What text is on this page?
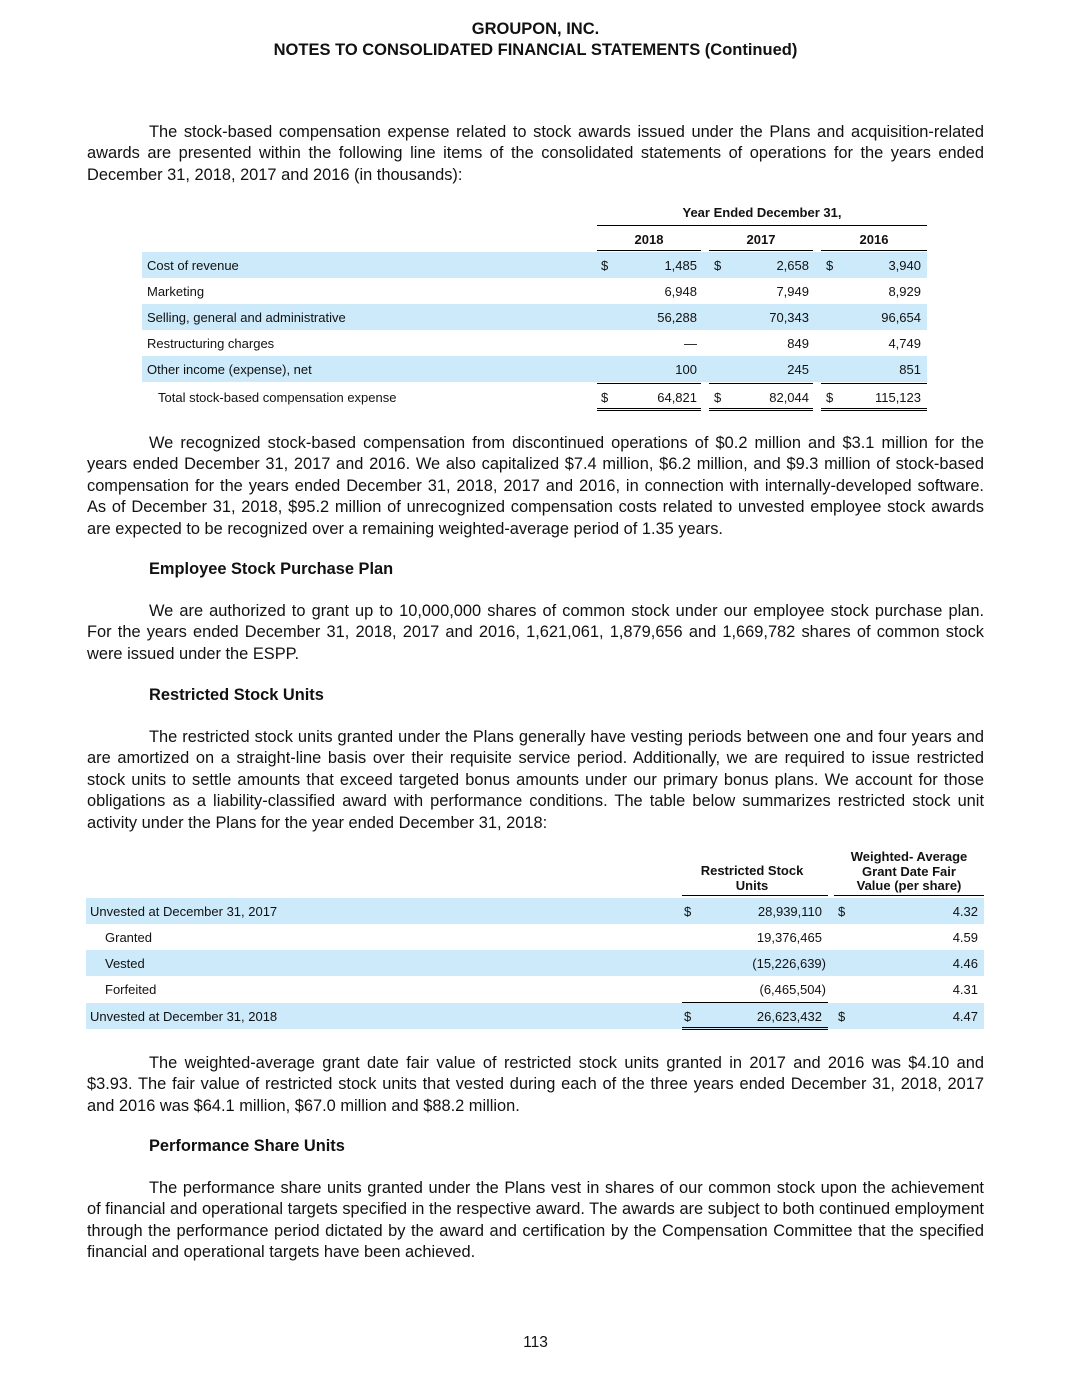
GROUPON, INC.
NOTES TO CONSOLIDATED FINANCIAL STATEMENTS (Continued)

The stock-based compensation expense related to stock awards issued under the Plans and acquisition-related awards are presented within the following line items of the consolidated statements of operations for the years ended December 31, 2018, 2017 and 2016 (in thousands):

Year Ended December 31,
2018	2017	2016
Cost of revenue	$	1,485 $	2,658 $	3,940
Marketing	6,948	7,949	8,929
Selling, general and administrative	56,288	70,343	96,654
Restructuring charges	—	849	4,749
Other income (expense), net	100	245	851
Total stock-based compensation expense	$	64,821 $	82,044 $	115,123

We recognized stock-based compensation from discontinued operations of $0.2 million and $3.1 million for the years ended December 31, 2017 and 2016. We also capitalized $7.4 million, $6.2 million, and $9.3 million of stock-based compensation for the years ended December 31, 2018, 2017 and 2016, in connection with internally-developed software. As of December 31, 2018, $95.2 million of unrecognized compensation costs related to unvested employee stock awards are expected to be recognized over a remaining weighted-average period of 1.35 years.

Employee Stock Purchase Plan

We are authorized to grant up to 10,000,000 shares of common stock under our employee stock purchase plan. For the years ended December 31, 2018, 2017 and 2016, 1,621,061, 1,879,656 and 1,669,782 shares of common stock were issued under the ESPP.

Restricted Stock Units

The restricted stock units granted under the Plans generally have vesting periods between one and four years and are amortized on a straight-line basis over their requisite service period. Additionally, we are required to issue restricted stock units to settle amounts that exceed targeted bonus amounts under our primary bonus plans. We account for those obligations as a liability-classified award with performance conditions. The table below summarizes restricted stock unit activity under the Plans for the year ended December 31, 2018:

Restricted Stock
Units
Weighted- Average
Grant Date Fair
Value (per share)
Unvested at December 31, 2017	$	28,939,110 $	4.32
Granted	19,376,465	4.59
Vested	(15,226,639)	4.46
Forfeited	(6,465,504)	4.31
Unvested at December 31, 2018	$	26,623,432 $	4.47

The weighted-average grant date fair value of restricted stock units granted in 2017 and 2016 was $4.10 and $3.93. The fair value of restricted stock units that vested during each of the three years ended December 31, 2018, 2017 and 2016 was $64.1 million, $67.0 million and $88.2 million.

Performance Share Units

The performance share units granted under the Plans vest in shares of our common stock upon the achievement of financial and operational targets specified in the respective award. The awards are subject to both continued employment through the performance period dictated by the award and certification by the Compensation Committee that the specified financial and operational targets have been achieved.

113
